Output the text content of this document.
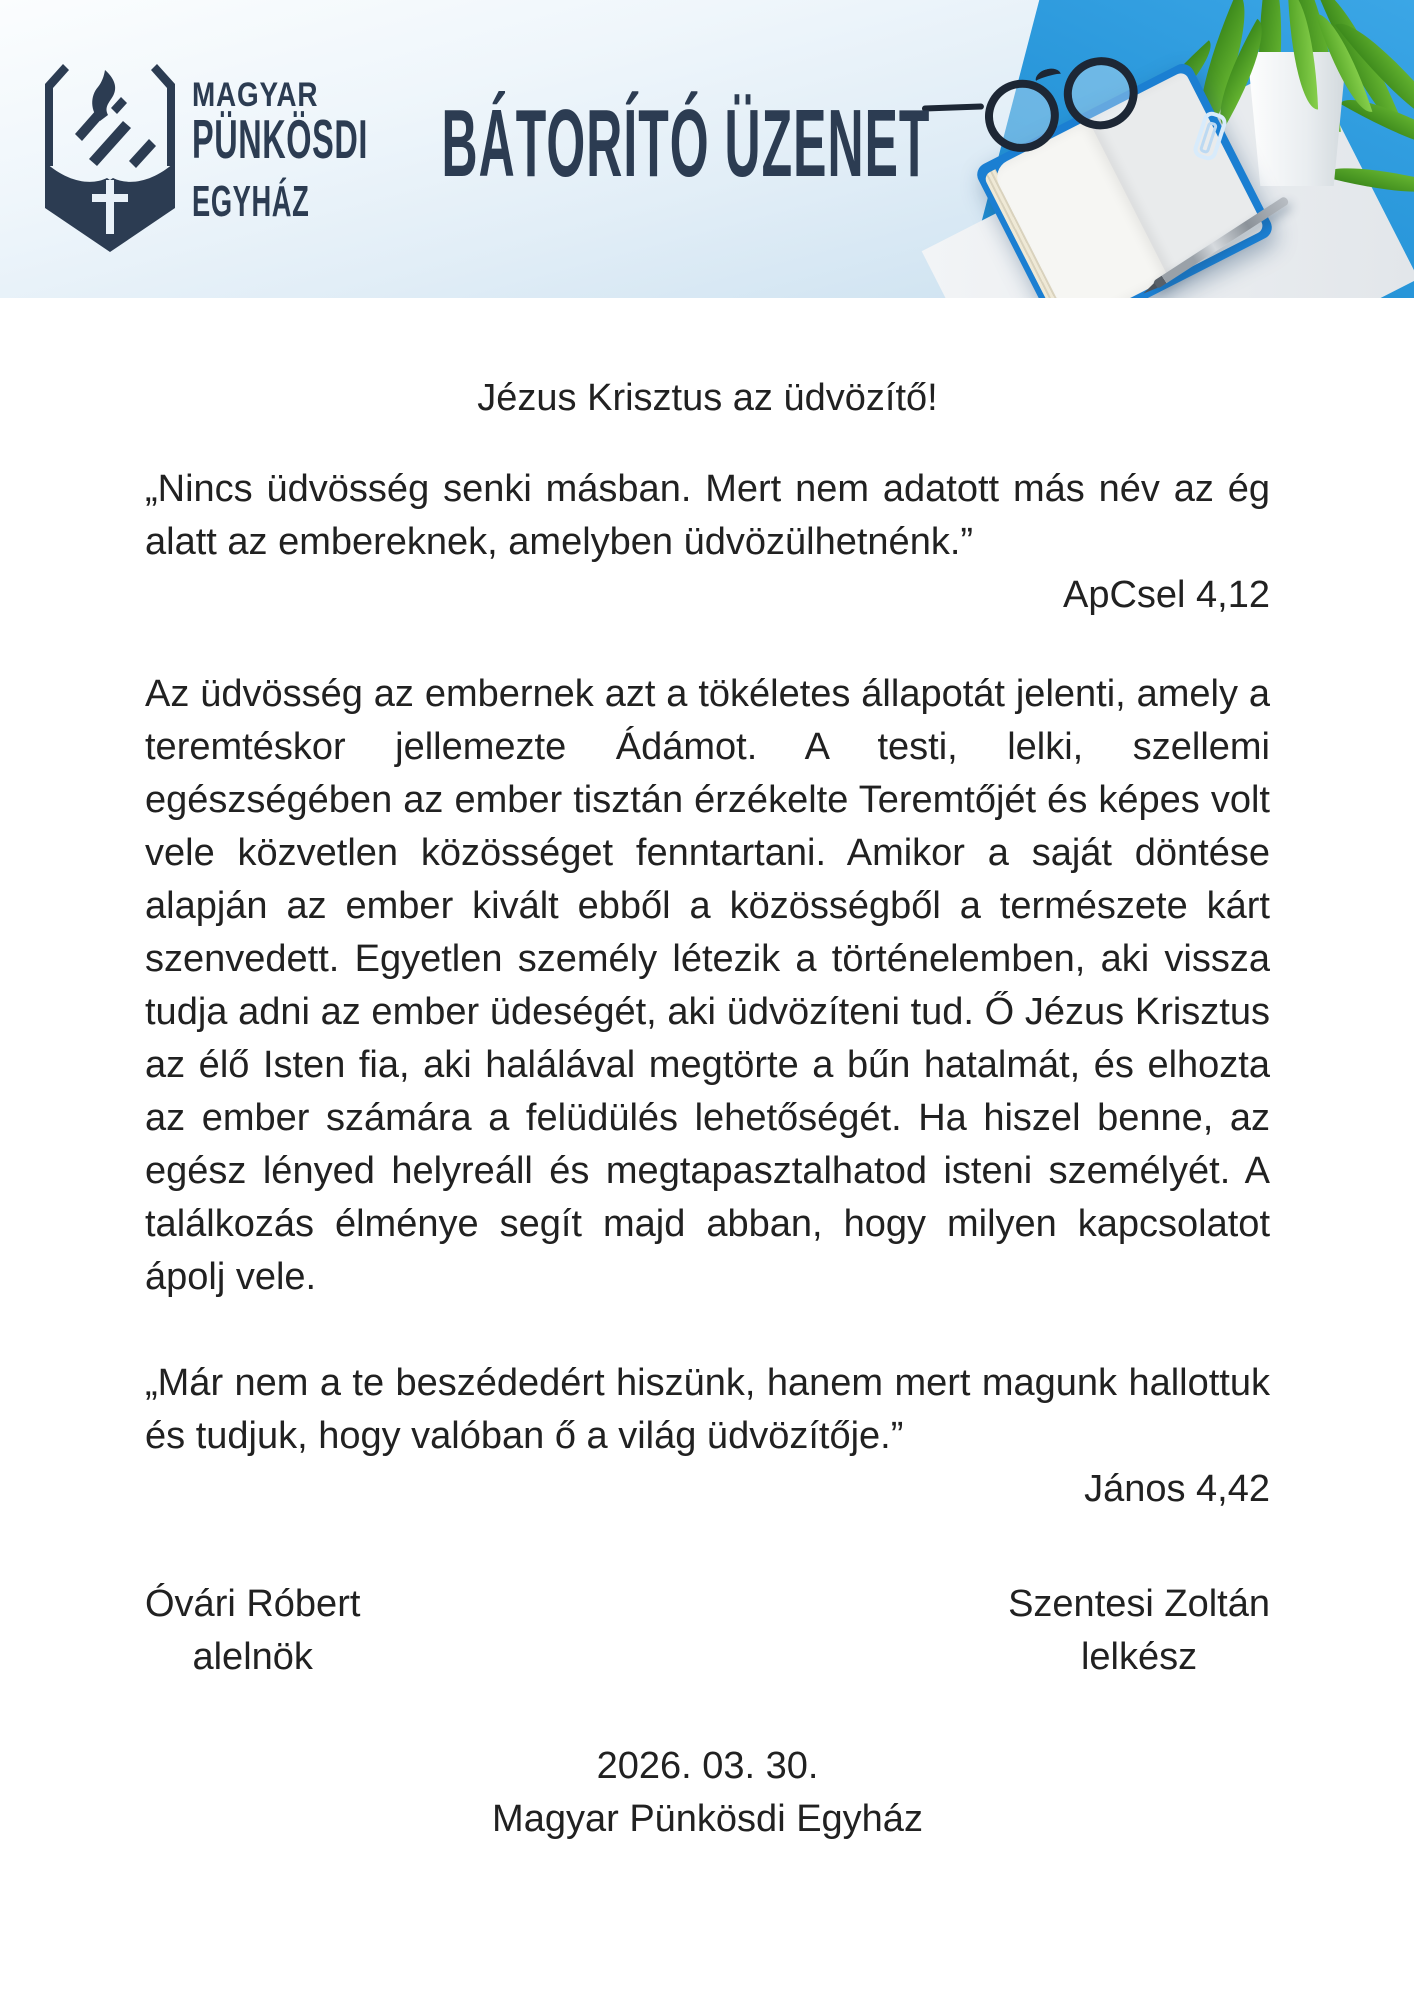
MAGYAR
PÜNKÖSDI
EGYHÁZ
BÁTORÍTÓ ÜZENET
Jézus Krisztus az üdvözítő!
„Nincs üdvösség senki másban. Mert nem adatott más név az ég alatt az embereknek, amelyben üdvözülhetnénk.”
ApCsel 4,12
Az üdvösség az embernek azt a tökéletes állapotát jelenti, amely a teremtéskor jellemezte Ádámot. A testi, lelki, szellemi egészségében az ember tisztán érzékelte Teremtőjét és képes volt vele közvetlen közösséget fenntartani. Amikor a saját döntése alapján az ember kivált ebből a közösségből a természete kárt szenvedett. Egyetlen személy létezik a történelemben, aki vissza tudja adni az ember üdeségét, aki üdvözíteni tud. Ő Jézus Krisztus az élő Isten fia, aki halálával megtörte a bűn hatalmát, és elhozta az ember számára a felüdülés lehetőségét. Ha hiszel benne, az egész lényed helyreáll és megtapasztalhatod isteni személyét. A találkozás élménye segít majd abban, hogy milyen kapcsolatot ápolj vele.
„Már nem a te beszédedért hiszünk, hanem mert magunk hallottuk és tudjuk, hogy valóban ő a világ üdvözítője.”
János 4,42
Óvári Róbert
alelnök
Szentesi Zoltán
lelkész
2026. 03. 30.
Magyar Pünkösdi Egyház
